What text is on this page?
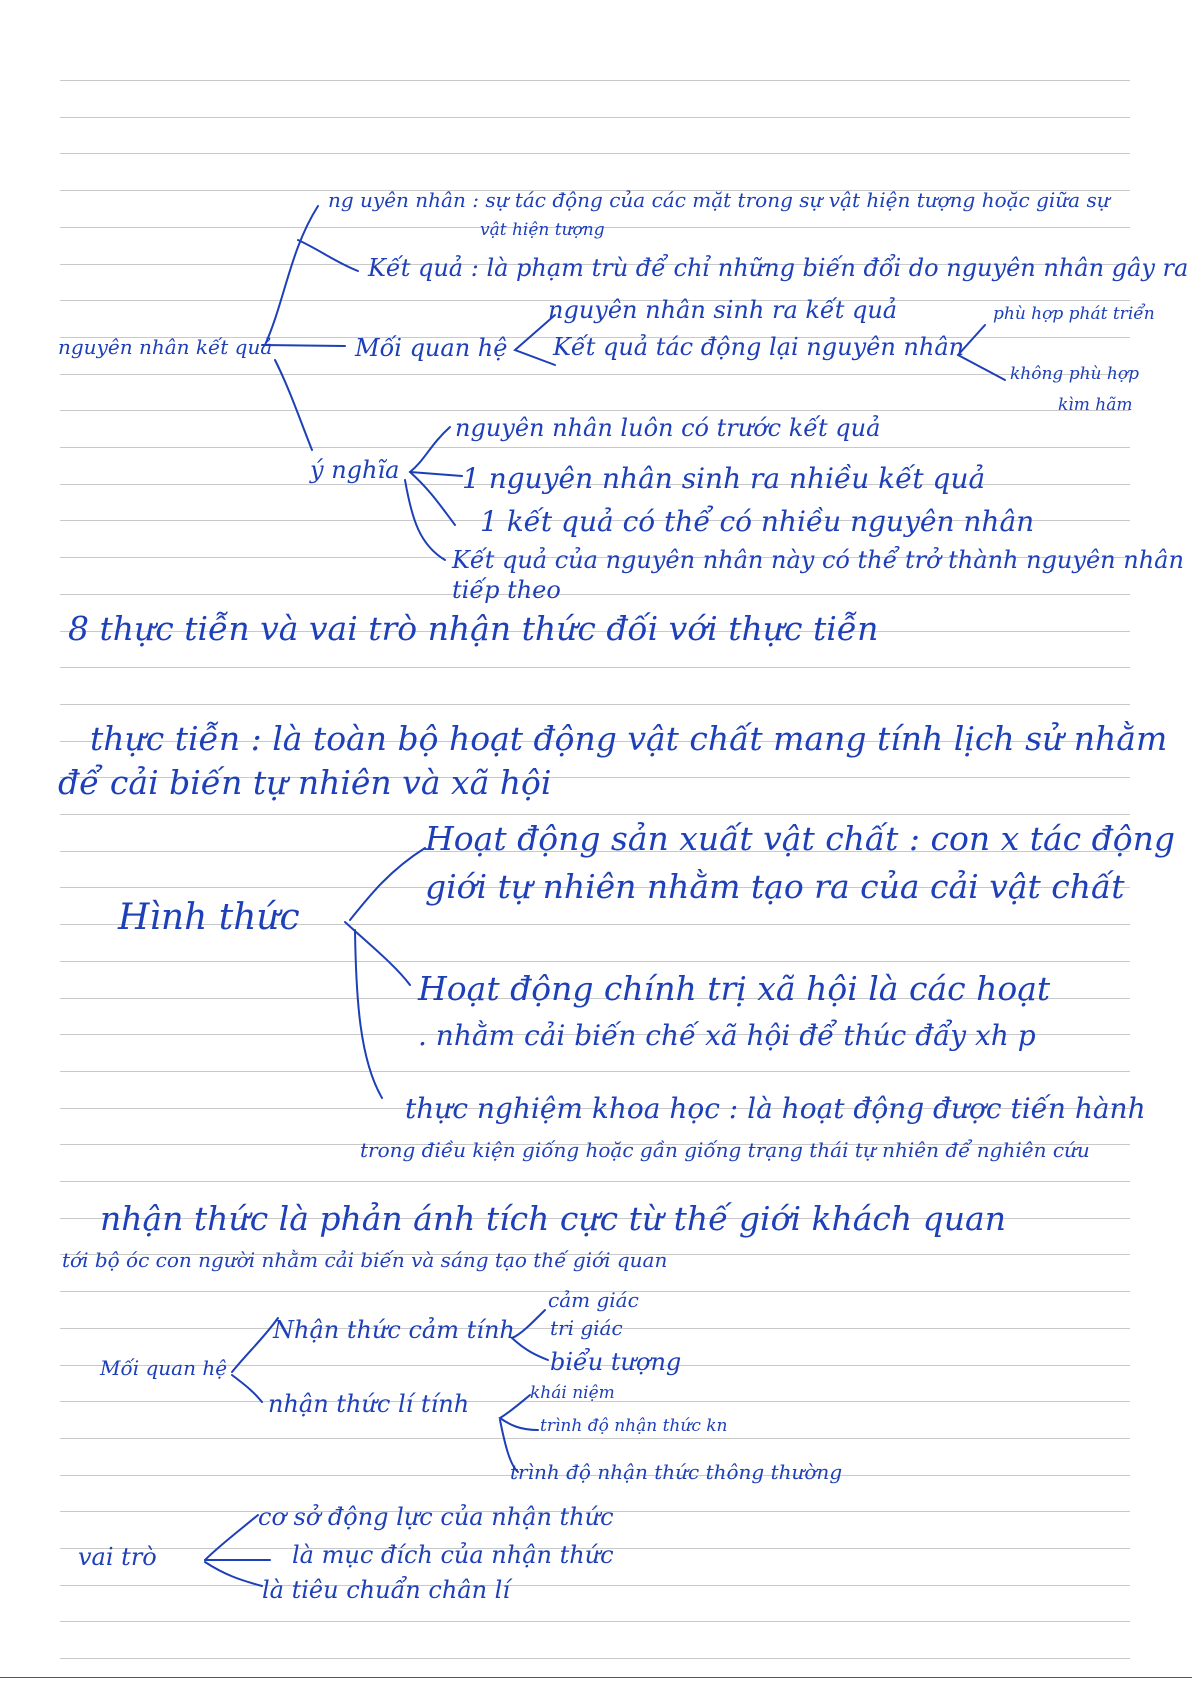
ng uyên nhân : sự tác động của các mặt trong sự vật hiện tượng hoặc giữa sự
vật hiện tượng
Kết quả : là phạm trù để chỉ những biến đổi do nguyên nhân gây ra
nguyên nhân kết quả	Mối quan hệ
nguyên nhân sinh ra kết quả
Kết quả tác động lại nguyên nhân
phù hợp phát triển
không phù hợp
kìm hãm
ý nghĩa
nguyên nhân luôn có trước kết quả
1 nguyên nhân sinh ra nhiều kết quả
1 kết quả có thể có nhiều nguyên nhân
Kết quả của nguyên nhân này có thể trở thành nguyên nhân
tiếp theo
8 thực tiễn và vai trò nhận thức đối với thực tiễn
thực tiễn : là toàn bộ hoạt động vật chất mang tính lịch sử nhằm
để cải biến tự nhiên và xã hội
Hình thức
Hoạt động sản xuất vật chất : con x tác động
giới tự nhiên nhằm tạo ra của cải vật chất
Hoạt động chính trị xã hội là các hoạt
. nhằm cải biến chế xã hội để thúc đẩy xh p
thực nghiệm khoa học : là hoạt động được tiến hành
trong điều kiện giống hoặc gần giống trạng thái tự nhiên để nghiên cứu
nhận thức là phản ánh tích cực từ thế giới khách quan
tới bộ óc con người nhằm cải biến và sáng tạo thế giới quan
Mối quan hệ
Nhận thức cảm tính
cảm giác
tri giác
biểu tượng
nhận thức lí tính	khái niệm
trình độ nhận thức kn
trình độ nhận thức thông thường
vai trò
cơ sở động lực của nhận thức
là mục đích của nhận thức
là tiêu chuẩn chân lí
